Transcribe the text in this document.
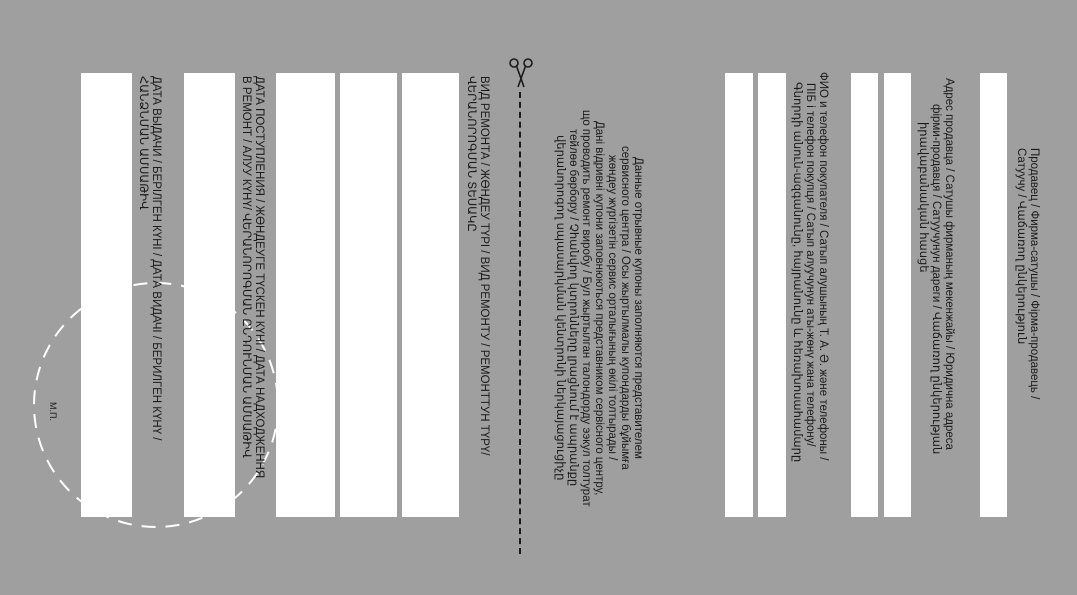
Продавец / Фирма-сатушы / Фірма-продавець /
Сатуучу / Վաճառող ընկերություն
Адрес продавца / Сатушы фирманың мекенжайы / Юридична адреса
фірми-продавця / Сатуучунун дареги / Վաճառող ընկերության
իրավաբանական հասցե
ФИО и телефон покупателя / Сатып алушының Т. А. Ә. және телефоны /
ПІБ і телефон покупця / Сатып алуучунун аты-жөнү жана телефону/
Գնորդի անուն-ազգանունը, հայրանունը և հեռախոսահամարը
Данные отрывные купоны заполняются представителем
сервисного центра / Осы жыртылмалы купондарды бұйымға
жөндеу жүргізетін сервис орталығының өкілі толтырады /
Дані відривні купони заповнюються представником сервісного центру,
що проводить ремонт виробу / Бул жыртылган талондорду ээкул толтурат
тейлөө бөрбору / Չհանվող կտրոնները լրացնում է ապրանքը
վերանորոգող սպասարկման կենտրոնի ներկայացուցիչը
ВИД РЕМОНТА / ЖӨНДЕУ ТҮРІ / ВИД РЕМОНТУ / РЕМОНТТУН ТҮРҮ/
ՎԵՐԱՆՈՐՈԳՄԱՆ ՏԵՍԱԿԸ
М.П.	ДАТА ПОСТУПЛЕНИЯ / ЖӨНДЕУГЕ ТҮСКЕН КҮНІ / ДАТА НАДХОДЖЕННЯ
В РЕМОНТ / АЛУУ КҮНҮ/ ՎԵՐԱՆՈՐՈԳՄԱՆ ԸՆԴՈՒՆՄԱՆ ԱՄՍԱԹԻՎ
ДАТА ВЫДАЧИ / БЕРІЛГЕН КҮНІ / ДАТА ВИДАЧІ / БЕРИЛГЕН КҮНҮ /
ՀԱՆՁՆՄԱՆ ԱՄՍԱԹԻՎ
